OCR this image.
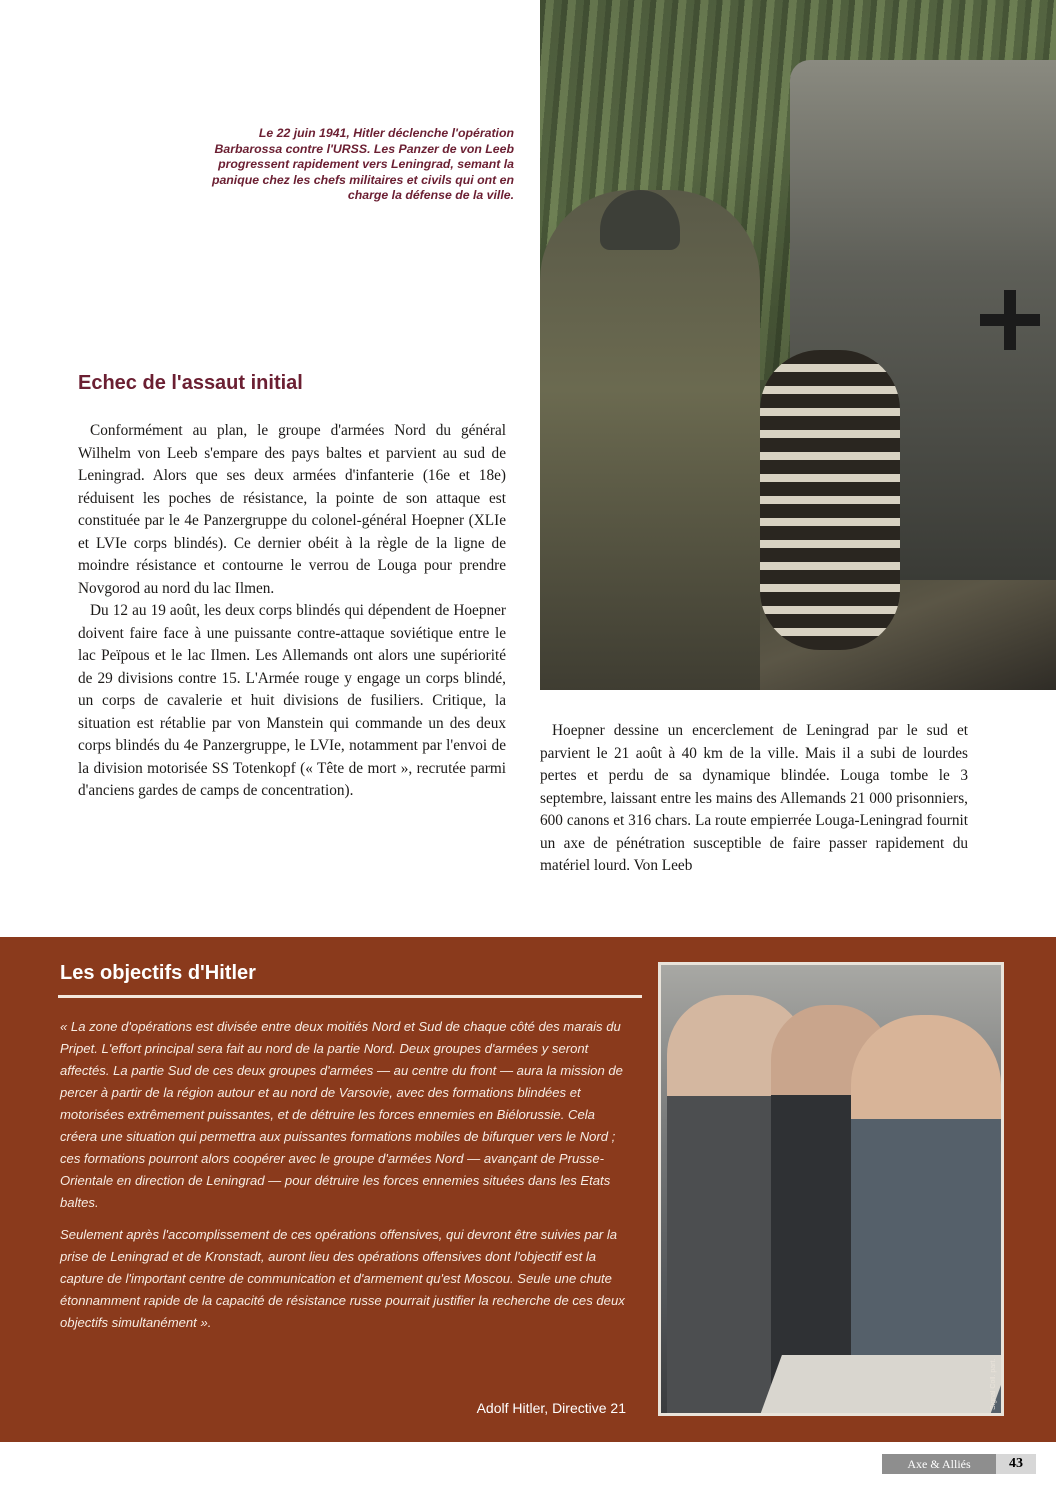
Le 22 juin 1941, Hitler déclenche l'opération Barbarossa contre l'URSS. Les Panzer de von Leeb progressent rapidement vers Leningrad, semant la panique chez les chefs militaires et civils qui ont en charge la défense de la ville.
Echec de l'assaut initial

Conformément au plan, le groupe d'armées Nord du général Wilhelm von Leeb s'empare des pays baltes et parvient au sud de Leningrad. Alors que ses deux armées d'infanterie (16e et 18e) réduisent les poches de résistance, la pointe de son attaque est constituée par le 4e Panzergruppe du colonel-général Hoepner (XLIe et LVIe corps blindés). Ce dernier obéit à la règle de la ligne de moindre résistance et contourne le verrou de Louga pour prendre Novgorod au nord du lac Ilmen.

Du 12 au 19 août, les deux corps blindés qui dépendent de Hoepner doivent faire face à une puissante contre-attaque soviétique entre le lac Peïpous et le lac Ilmen. Les Allemands ont alors une supériorité de 29 divisions contre 15. L'Armée rouge y engage un corps blindé, un corps de cavalerie et huit divisions de fusiliers. Critique, la situation est rétablie par von Manstein qui commande un des deux corps blindés du 4e Panzergruppe, le LVIe, notamment par l'envoi de la division motorisée SS Totenkopf (« Tête de mort », recrutée parmi d'anciens gardes de camps de concentration).

Hoepner dessine un encerclement de Leningrad par le sud et parvient le 21 août à 40 km de la ville. Mais il a subi de lourdes pertes et perdu de sa dynamique blindée. Louga tombe le 3 septembre, laissant entre les mains des Allemands 21 000 prisonniers, 600 canons et 316 chars. La route empierrée Louga-Leningrad fournit un axe de pénétration susceptible de faire passer rapidement du matériel lourd. Von Leeb

Les objectifs d'Hitler

« La zone d'opérations est divisée entre deux moitiés Nord et Sud de chaque côté des marais du Pripet. L'effort principal sera fait au nord de la partie Nord. Deux groupes d'armées y seront affectés. La partie Sud de ces deux groupes d'armées — au centre du front — aura la mission de percer à partir de la région autour et au nord de Varsovie, avec des formations blindées et motorisées extrêmement puissantes, et de détruire les forces ennemies en Biélorussie. Cela créera une situation qui permettra aux puissantes formations mobiles de bifurquer vers le Nord ; ces formations pourront alors coopérer avec le groupe d'armées Nord — avançant de Prusse-Orientale en direction de Leningrad — pour détruire les forces ennemies situées dans les Etats baltes.

Seulement après l'accomplissement de ces opérations offensives, qui devront être suivies par la prise de Leningrad et de Kronstadt, auront lieu des opérations offensives dont l'objectif est la capture de l'important centre de communication et d'armement qu'est Moscou. Seule une chute étonnamment rapide de la capacité de résistance russe pourrait justifier la recherche de ces deux objectifs simultanément ».

Adolf Hitler, Directive 21	Signal Coll. part.
Axe & Alliés	43
